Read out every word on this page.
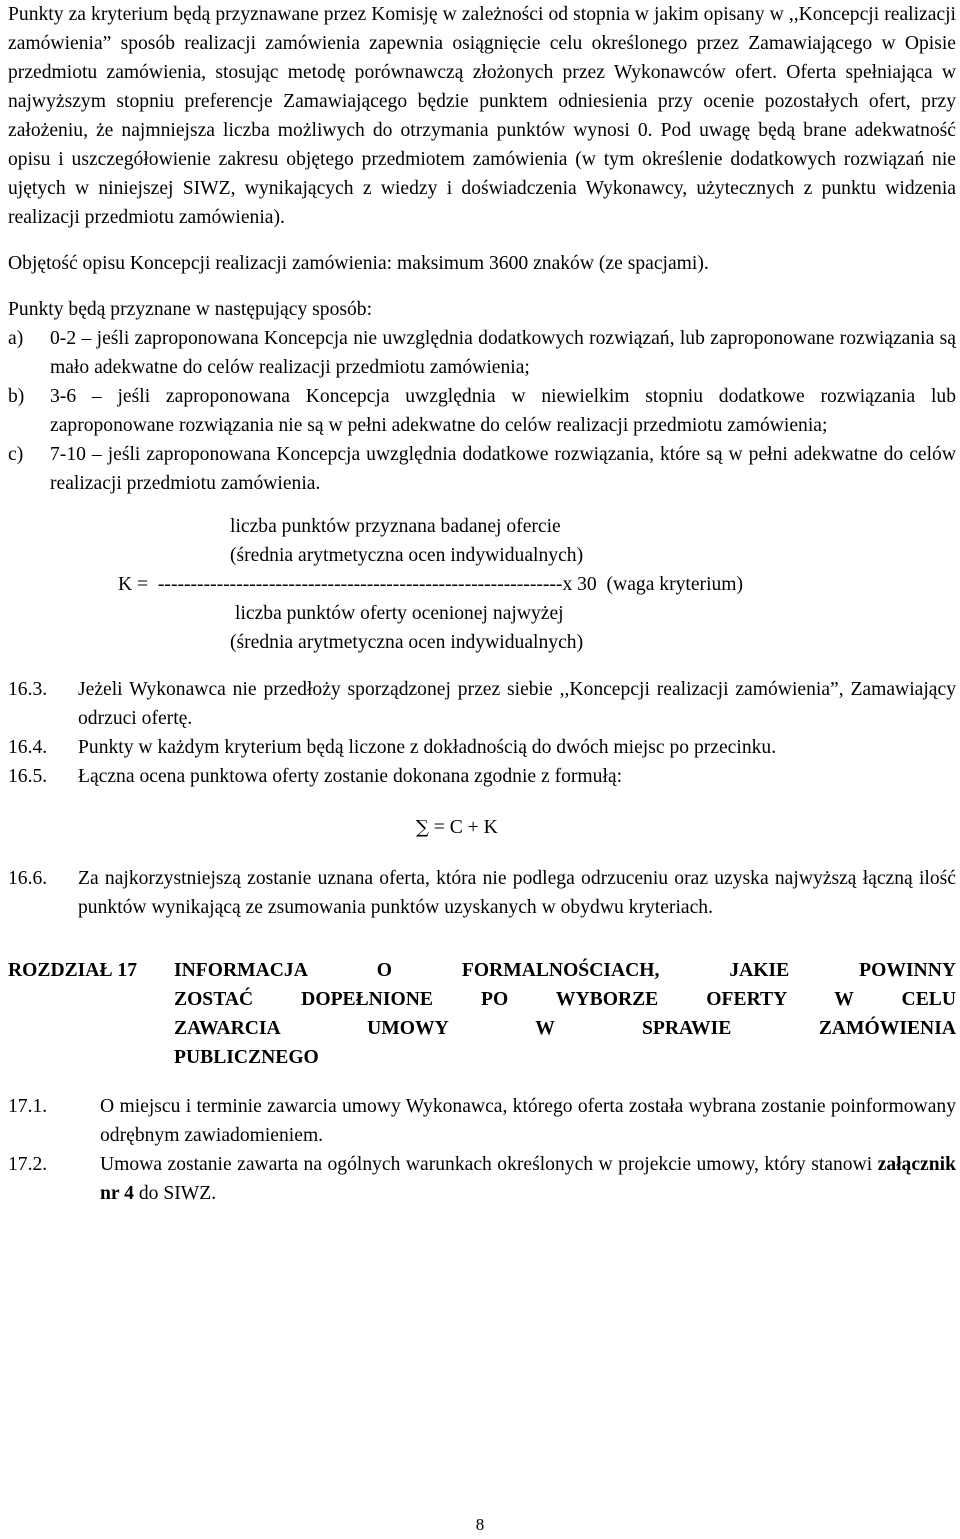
Punkty za kryterium będą przyznawane przez Komisję w zależności od stopnia w jakim opisany w ,,Koncepcji realizacji zamówienia” sposób realizacji zamówienia zapewnia osiągnięcie celu określonego przez Zamawiającego w Opisie przedmiotu zamówienia, stosując metodę porównawczą złożonych przez Wykonawców ofert. Oferta spełniająca w najwyższym stopniu preferencje Zamawiającego będzie punktem odniesienia przy ocenie pozostałych ofert, przy założeniu, że najmniejsza liczba możliwych do otrzymania punktów wynosi 0. Pod uwagę będą brane adekwatność opisu i uszczegółowienie zakresu objętego przedmiotem zamówienia (w tym określenie dodatkowych rozwiązań nie ujętych w niniejszej SIWZ, wynikających z wiedzy i doświadczenia Wykonawcy, użytecznych z punktu widzenia realizacji przedmiotu zamówienia).

Objętość opisu Koncepcji realizacji zamówienia: maksimum 3600 znaków (ze spacjami).

Punkty będą przyznane w następujący sposób:

a)	0-2 – jeśli zaproponowana Koncepcja nie uwzględnia dodatkowych rozwiązań, lub zaproponowane rozwiązania są mało adekwatne do celów realizacji przedmiotu zamówienia;
b)	3-6 – jeśli zaproponowana Koncepcja uwzględnia w niewielkim stopniu dodatkowe rozwiązania lub zaproponowane rozwiązania nie są w pełni adekwatne do celów realizacji przedmiotu zamówienia;
c)	7-10 – jeśli zaproponowana Koncepcja uwzględnia dodatkowe rozwiązania, które są w pełni adekwatne do celów realizacji przedmiotu zamówienia.
liczba punktów przyznana badanej ofercie
(średnia arytmetyczna ocen indywidualnych)
K =  --------------------------------------------------------------x 30  (waga kryterium)
liczba punktów oferty ocenionej najwyżej
(średnia arytmetyczna ocen indywidualnych)
16.3.	Jeżeli Wykonawca nie przedłoży sporządzonej przez siebie ,,Koncepcji realizacji zamówienia”, Zamawiający odrzuci ofertę.
16.4.	Punkty w każdym kryterium będą liczone z dokładnością do dwóch miejsc po przecinku.
16.5.	Łączna ocena punktowa oferty zostanie dokonana zgodnie z formułą:
∑ = C + K
16.6.	Za najkorzystniejszą zostanie uznana oferta, która nie podlega odrzuceniu oraz uzyska najwyższą łączną ilość punktów wynikającą ze zsumowania punktów uzyskanych w obydwu kryteriach.
ROZDZIAŁ 17	INFORMACJA O FORMALNOŚCIACH, JAKIE POWINNY
ZOSTAĆ DOPEŁNIONE PO WYBORZE OFERTY W CELU
ZAWARCIA UMOWY W SPRAWIE ZAMÓWIENIA
PUBLICZNEGO
17.1.	O miejscu i terminie zawarcia umowy Wykonawca, którego oferta została wybrana zostanie poinformowany odrębnym zawiadomieniem.
17.2.	Umowa zostanie zawarta na ogólnych warunkach określonych w projekcie umowy, który stanowi załącznik nr 4 do SIWZ.
8
